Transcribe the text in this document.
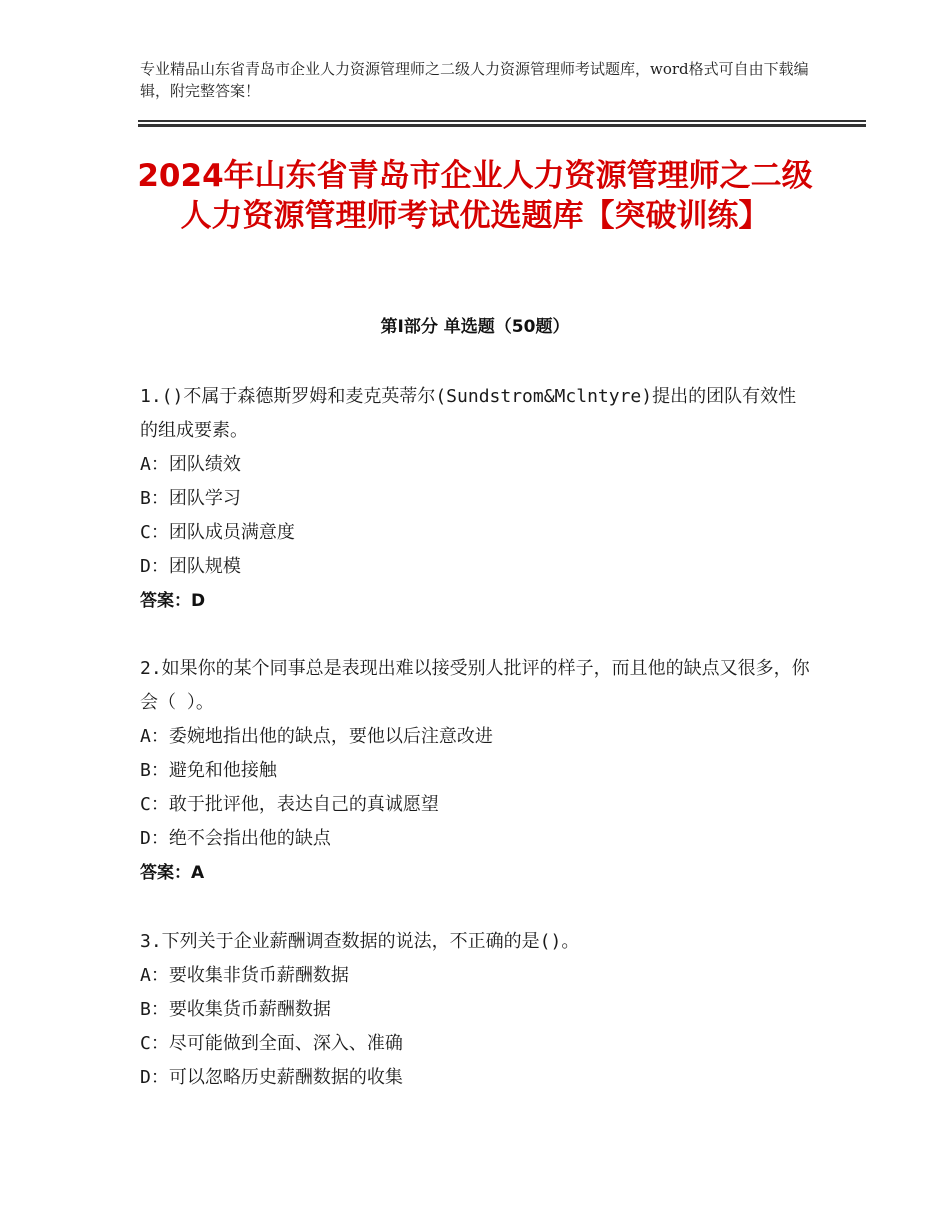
专业精品山东省青岛市企业人力资源管理师之二级人力资源管理师考试题库，word格式可自由下载编辑，附完整答案！
2024年山东省青岛市企业人力资源管理师之二级人力资源管理师考试优选题库【突破训练】
第Ⅰ部分 单选题（50题）

1.()不属于森德斯罗姆和麦克英蒂尔(Sundstrom&Mclntyre)提出的团队有效性的组成要素。

A：团队绩效

B：团队学习

C：团队成员满意度

D：团队规模

答案：D

2.如果你的某个同事总是表现出难以接受别人批评的样子，而且他的缺点又很多，你会（ ）。

A：委婉地指出他的缺点，要他以后注意改进

B：避免和他接触

C：敢于批评他，表达自己的真诚愿望

D：绝不会指出他的缺点

答案：A

3.下列关于企业薪酬调查数据的说法，不正确的是()。

A：要收集非货币薪酬数据

B：要收集货币薪酬数据

C：尽可能做到全面、深入、准确

D：可以忽略历史薪酬数据的收集
